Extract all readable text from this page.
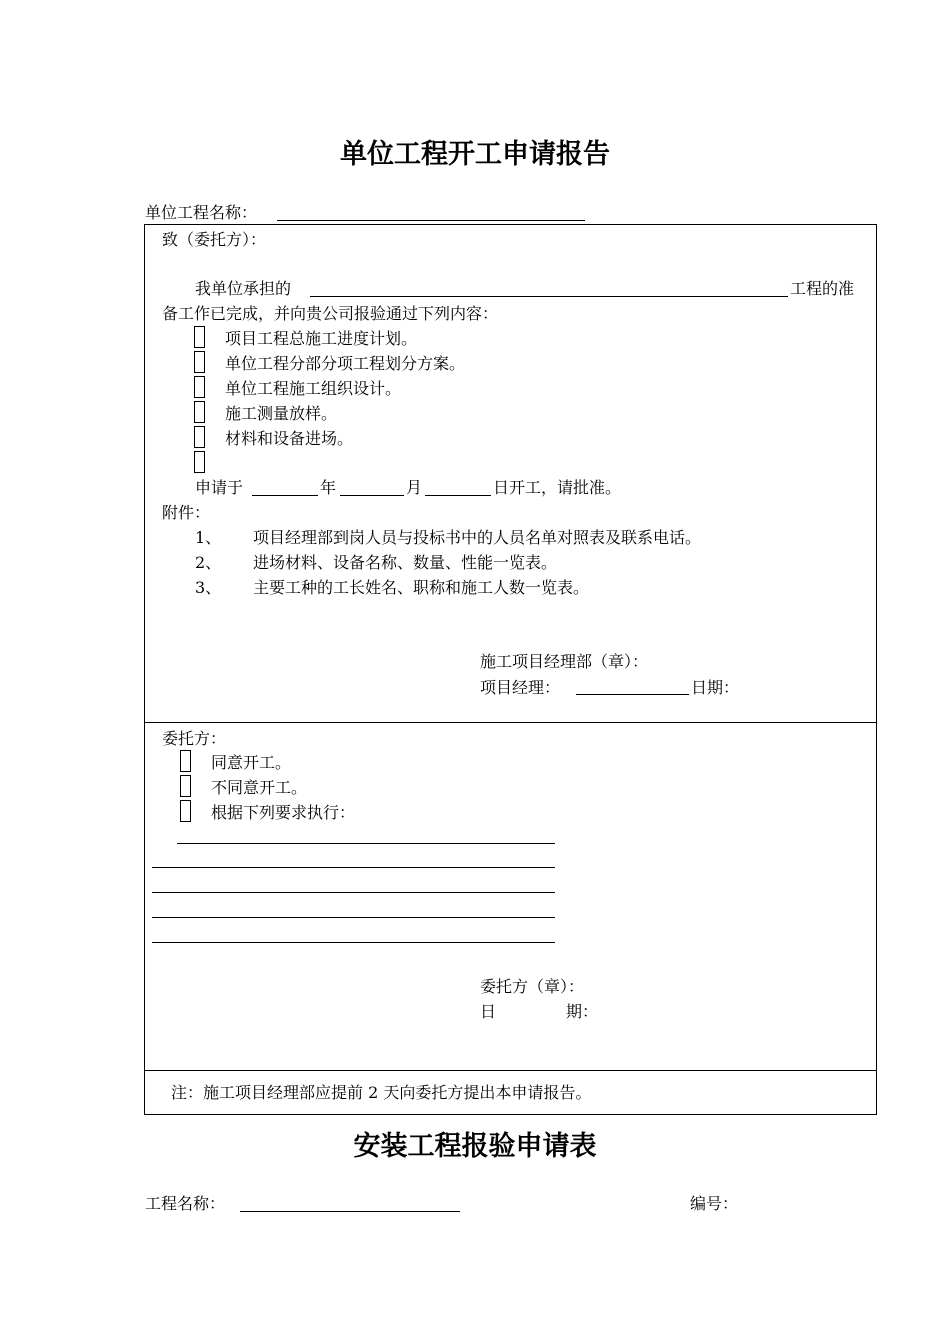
单位工程开工申请报告
单位工程名称：
致（委托方）：
我单位承担的	工程的准
备工作已完成，并向贵公司报验通过下列内容：
项目工程总施工进度计划。
单位工程分部分项工程划分方案。
单位工程施工组织设计。
施工测量放样。
材料和设备进场。
申请于	年	月	日开工，请批准。
附件：
1、 项目经理部到岗人员与投标书中的人员名单对照表及联系电话。
2、 进场材料、设备名称、数量、性能一览表。
3、 主要工种的工长姓名、职称和施工人数一览表。
施工项目经理部（章）：
项目经理：	日期：
委托方：
同意开工。
不同意开工。
根据下列要求执行：
委托方（章）：
日	期：
注：施工项目经理部应提前 2 天向委托方提出本申请报告。
安装工程报验申请表
工程名称：	编号：
